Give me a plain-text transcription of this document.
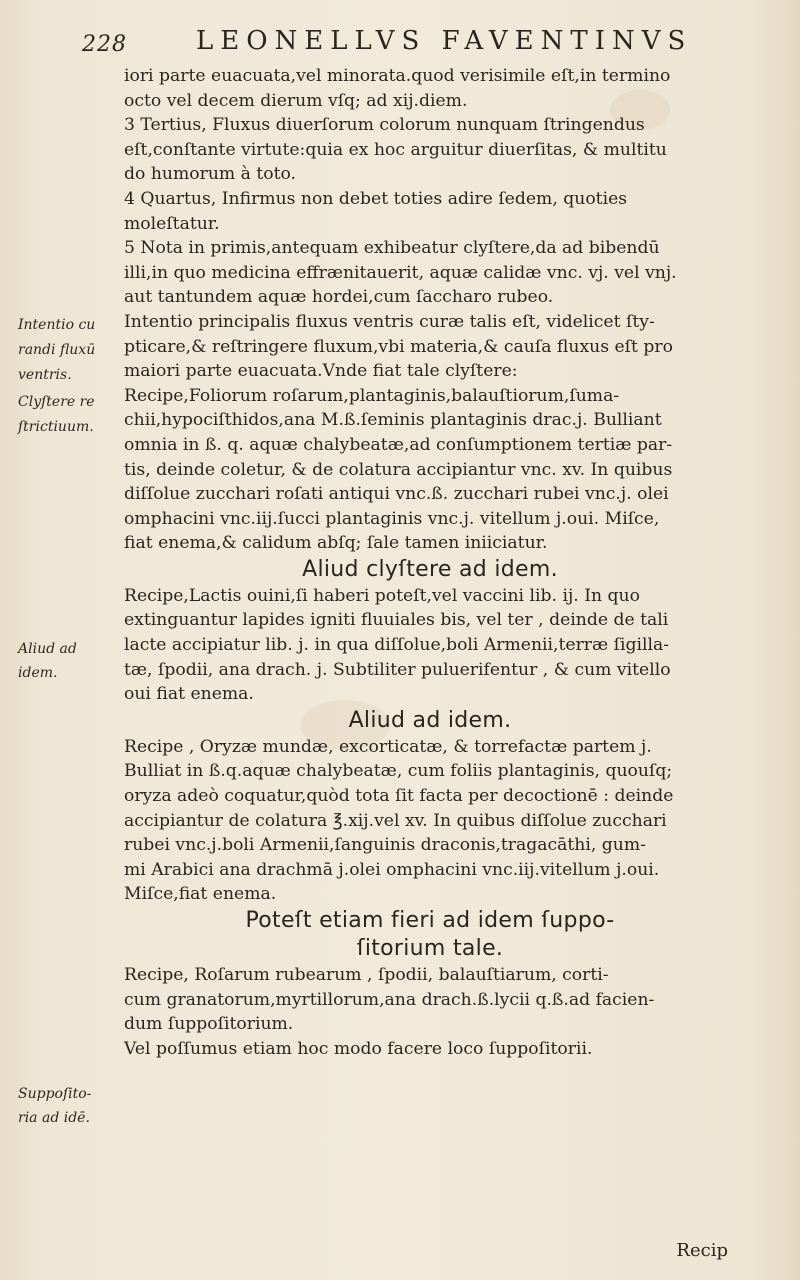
228	LEONELLVS FAVENTINVS
Intentio cu
randi fluxū
ventris.
Clyſtere re
ſtrictiuum.
Aliud ad
idem.
Suppoſito-
ria ad idē.
iori parte euacuata,vel minorata.quod verisimile eſt,in termino
octo vel decem dierum vſq; ad xij.diem.
3 Tertius, Fluxus diuerſorum colorum nunquam ſtringendus
eſt,conſtante virtute:quia ex hoc arguitur diuerſitas, & multitu
do humorum à toto.
4 Quartus, Infirmus non debet toties adire ſedem, quoties
moleſtatur.
5 Nota in primis,antequam exhibeatur clyſtere,da ad bibendū
illi,in quo medicina effrænitauerit, aquæ calidæ vnc. vj. vel vnj.
aut tantundem aquæ hordei,cum ſaccharo rubeo.
Intentio principalis fluxus ventris curæ talis eſt, videlicet ſty-
pticare,& reſtringere fluxum,vbi materia,& cauſa fluxus eſt pro
maiori parte euacuata.Vnde fiat tale clyſtere:
Recipe,Foliorum roſarum,plantaginis,balauſtiorum,ſuma-
chii,hypociſthidos,ana M.ß.ſeminis plantaginis drac.j. Bulliant
omnia in ß. q. aquæ chalybeatæ,ad conſumptionem tertiæ par-
tis, deinde coletur, & de colatura accipiantur vnc. xv. In quibus
diſſolue zucchari roſati antiqui vnc.ß. zucchari rubei vnc.j. olei
omphacini vnc.iij.ſucci plantaginis vnc.j. vitellum j.oui. Miſce,
fiat enema,& calidum abſq; ſale tamen iniiciatur.
Aliud clyſtere ad idem.
Recipe,Lactis ouini,ſi haberi poteſt,vel vaccini lib. ij. In quo
extinguantur lapides igniti fluuiales bis, vel ter , deinde de tali
lacte accipiatur lib. j. in qua diſſolue,boli Armenii,terræ ſigilla-
tæ, ſpodii, ana drach. j. Subtiliter puluerifentur , & cum vitello
oui fiat enema.
Aliud ad idem.
Recipe , Oryzæ mundæ, excorticatæ, & torrefactæ partem j.
Bulliat in ß.q.aquæ chalybeatæ, cum foliis plantaginis, quouſq;
oryza adeò coquatur,quòd tota ſit facta per decoctionē : deinde
accipiantur de colatura ℥.xij.vel xv. In quibus diſſolue zucchari
rubei vnc.j.boli Armenii,ſanguinis draconis,tragacāthi, gum-
mi Arabici ana drachmā j.olei omphacini vnc.iij.vitellum j.oui.
Miſce,fiat enema.
Poteſt etiam fieri ad idem ſuppo-
ſitorium tale.
Recipe, Roſarum rubearum , ſpodii, balauſtiarum, corti-
cum granatorum,myrtillorum,ana drach.ß.lycii q.ß.ad facien-
dum ſuppoſitorium.
Vel poſſumus etiam hoc modo facere loco ſuppoſitorii.
Recip
